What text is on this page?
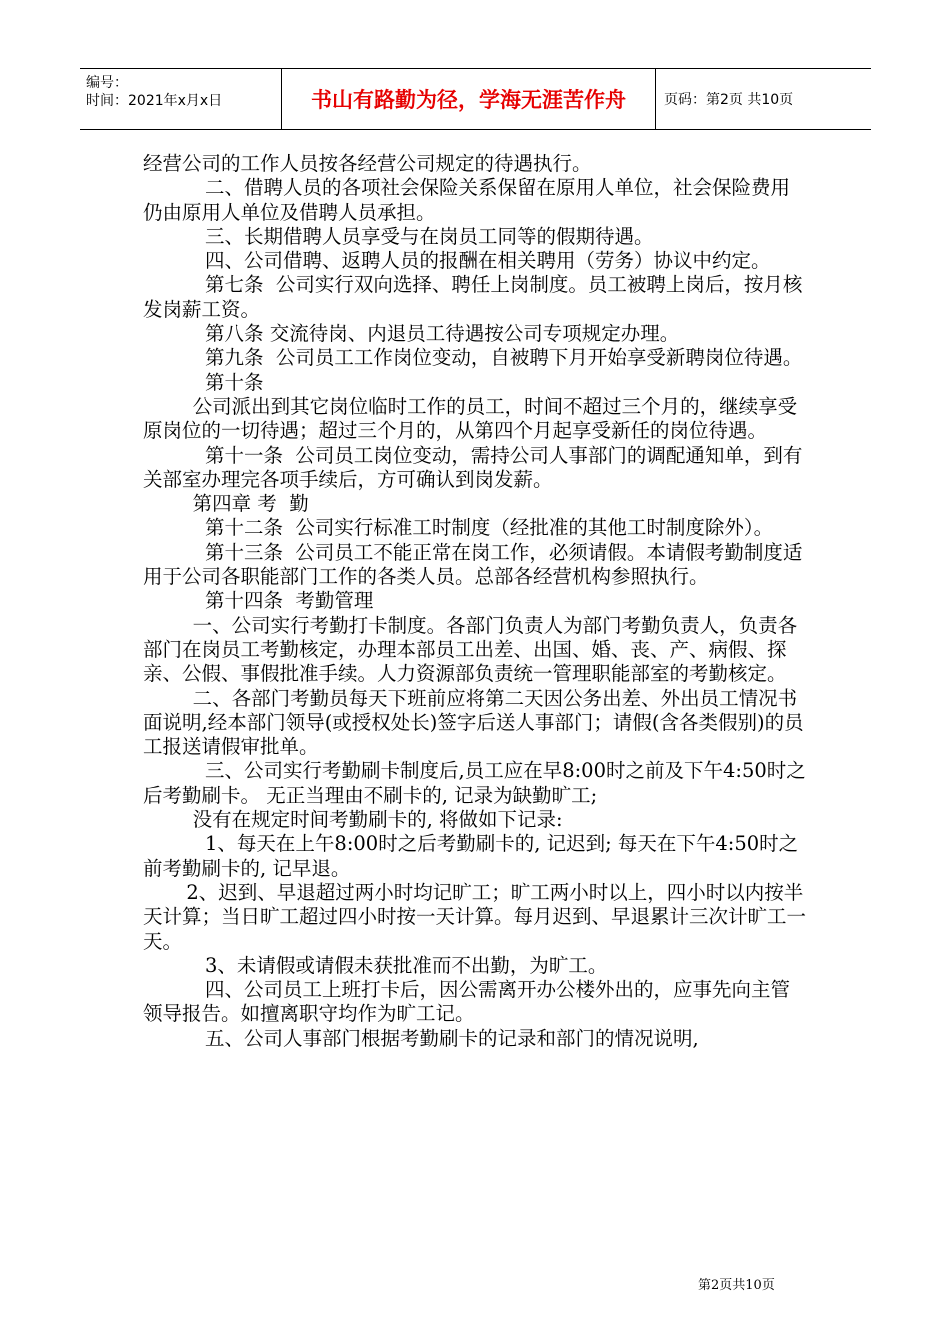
编号：
时间：2021年x月x日	书山有路勤为径，学海无涯苦作舟	页码：第2页 共10页

经营公司的工作人员按各经营公司规定的待遇执行。

二、借聘人员的各项社会保险关系保留在原用人单位，社会保险费用仍由原用人单位及借聘人员承担。

三、长期借聘人员享受与在岗员工同等的假期待遇。

四、公司借聘、返聘人员的报酬在相关聘用（劳务）协议中约定。

第七条  公司实行双向选择、聘任上岗制度。员工被聘上岗后，按月核发岗薪工资。

第八条 交流待岗、内退员工待遇按公司专项规定办理。

第九条  公司员工工作岗位变动，自被聘下月开始享受新聘岗位待遇。

第十条

公司派出到其它岗位临时工作的员工，时间不超过三个月的，继续享受原岗位的一切待遇；超过三个月的，从第四个月起享受新任的岗位待遇。

第十一条  公司员工岗位变动，需持公司人事部门的调配通知单，到有关部室办理完各项手续后，方可确认到岗发薪。

第四章 考  勤

第十二条  公司实行标准工时制度（经批准的其他工时制度除外）。

第十三条  公司员工不能正常在岗工作，必须请假。本请假考勤制度适用于公司各职能部门工作的各类人员。总部各经营机构参照执行。

第十四条  考勤管理

一、公司实行考勤打卡制度。各部门负责人为部门考勤负责人，负责各部门在岗员工考勤核定，办理本部员工出差、出国、婚、丧、产、病假、探亲、公假、事假批准手续。人力资源部负责统一管理职能部室的考勤核定。

二、各部门考勤员每天下班前应将第二天因公务出差、外出员工情况书面说明,经本部门领导(或授权处长)签字后送人事部门；请假(含各类假别)的员工报送请假审批单。

三、公司实行考勤刷卡制度后,员工应在早8:00时之前及下午4:50时之后考勤刷卡。 无正当理由不刷卡的, 记录为缺勤旷工;

没有在规定时间考勤刷卡的, 将做如下记录:

1、每天在上午8:00时之后考勤刷卡的, 记迟到; 每天在下午4:50时之前考勤刷卡的, 记早退。

2、迟到、早退超过两小时均记旷工；旷工两小时以上，四小时以内按半天计算；当日旷工超过四小时按一天计算。每月迟到、早退累计三次计旷工一天。

3、未请假或请假未获批准而不出勤，为旷工。

四、公司员工上班打卡后，因公需离开办公楼外出的，应事先向主管领导报告。如擅离职守均作为旷工记。

五、公司人事部门根据考勤刷卡的记录和部门的情况说明,

第2页共10页
